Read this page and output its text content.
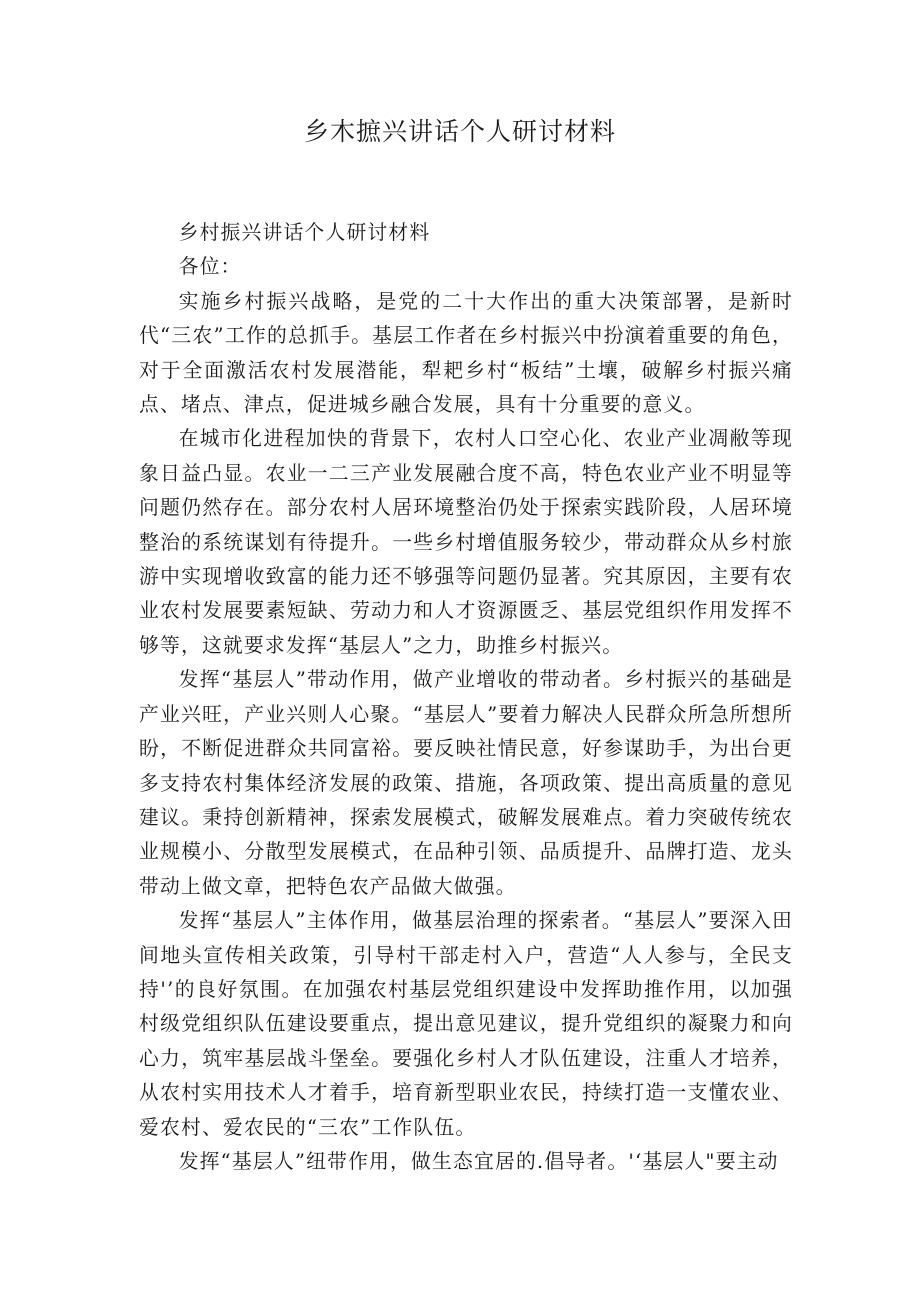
乡木摭兴讲话个人研讨材料

乡村振兴讲话个人研讨材料

各位：

实施乡村振兴战略，是党的二十大作出的重大决策部署，是新时代“三农”工作的总抓手。基层工作者在乡村振兴中扮演着重要的角色，对于全面激活农村发展潜能，犁耙乡村“板结”土壤，破解乡村振兴痛点、堵点、津点，促进城乡融合发展，具有十分重要的意义。

在城市化进程加快的背景下，农村人口空心化、农业产业凋敝等现象日益凸显。农业一二三产业发展融合度不高，特色农业产业不明显等问题仍然存在。部分农村人居环境整治仍处于探索实践阶段，人居环境整治的系统谋划有待提升。一些乡村增值服务较少，带动群众从乡村旅游中实现增收致富的能力还不够强等问题仍显著。究其原因，主要有农业农村发展要素短缺、劳动力和人才资源匮乏、基层党组织作用发挥不够等，这就要求发挥“基层人”之力，助推乡村振兴。

发挥“基层人”带动作用，做产业增收的带动者。乡村振兴的基础是产业兴旺，产业兴则人心聚。“基层人”要着力解决人民群众所急所想所盼，不断促进群众共同富裕。要反映社情民意，好参谋助手，为出台更多支持农村集体经济发展的政策、措施，各项政策、提出高质量的意见建议。秉持创新精神，探索发展模式，破解发展难点。着力突破传统农业规模小、分散型发展模式，在品种引领、品质提升、品牌打造、龙头带动上做文章，把特色农产品做大做强。

发挥“基层人”主体作用，做基层治理的探索者。“基层人”要深入田间地头宣传相关政策，引导村干部走村入户，营造“人人参与，全民支持'’的良好氛围。在加强农村基层党组织建设中发挥助推作用，以加强村级党组织队伍建设要重点，提出意见建议，提升党组织的凝聚力和向心力，筑牢基层战斗堡垒。要强化乡村人才队伍建设，注重人才培养，从农村实用技术人才着手，培育新型职业农民，持续打造一支懂农业、爱农村、爱农民的“三农”工作队伍。

发挥“基层人”纽带作用，做生态宜居的.倡导者。'‘基层人"要主动
